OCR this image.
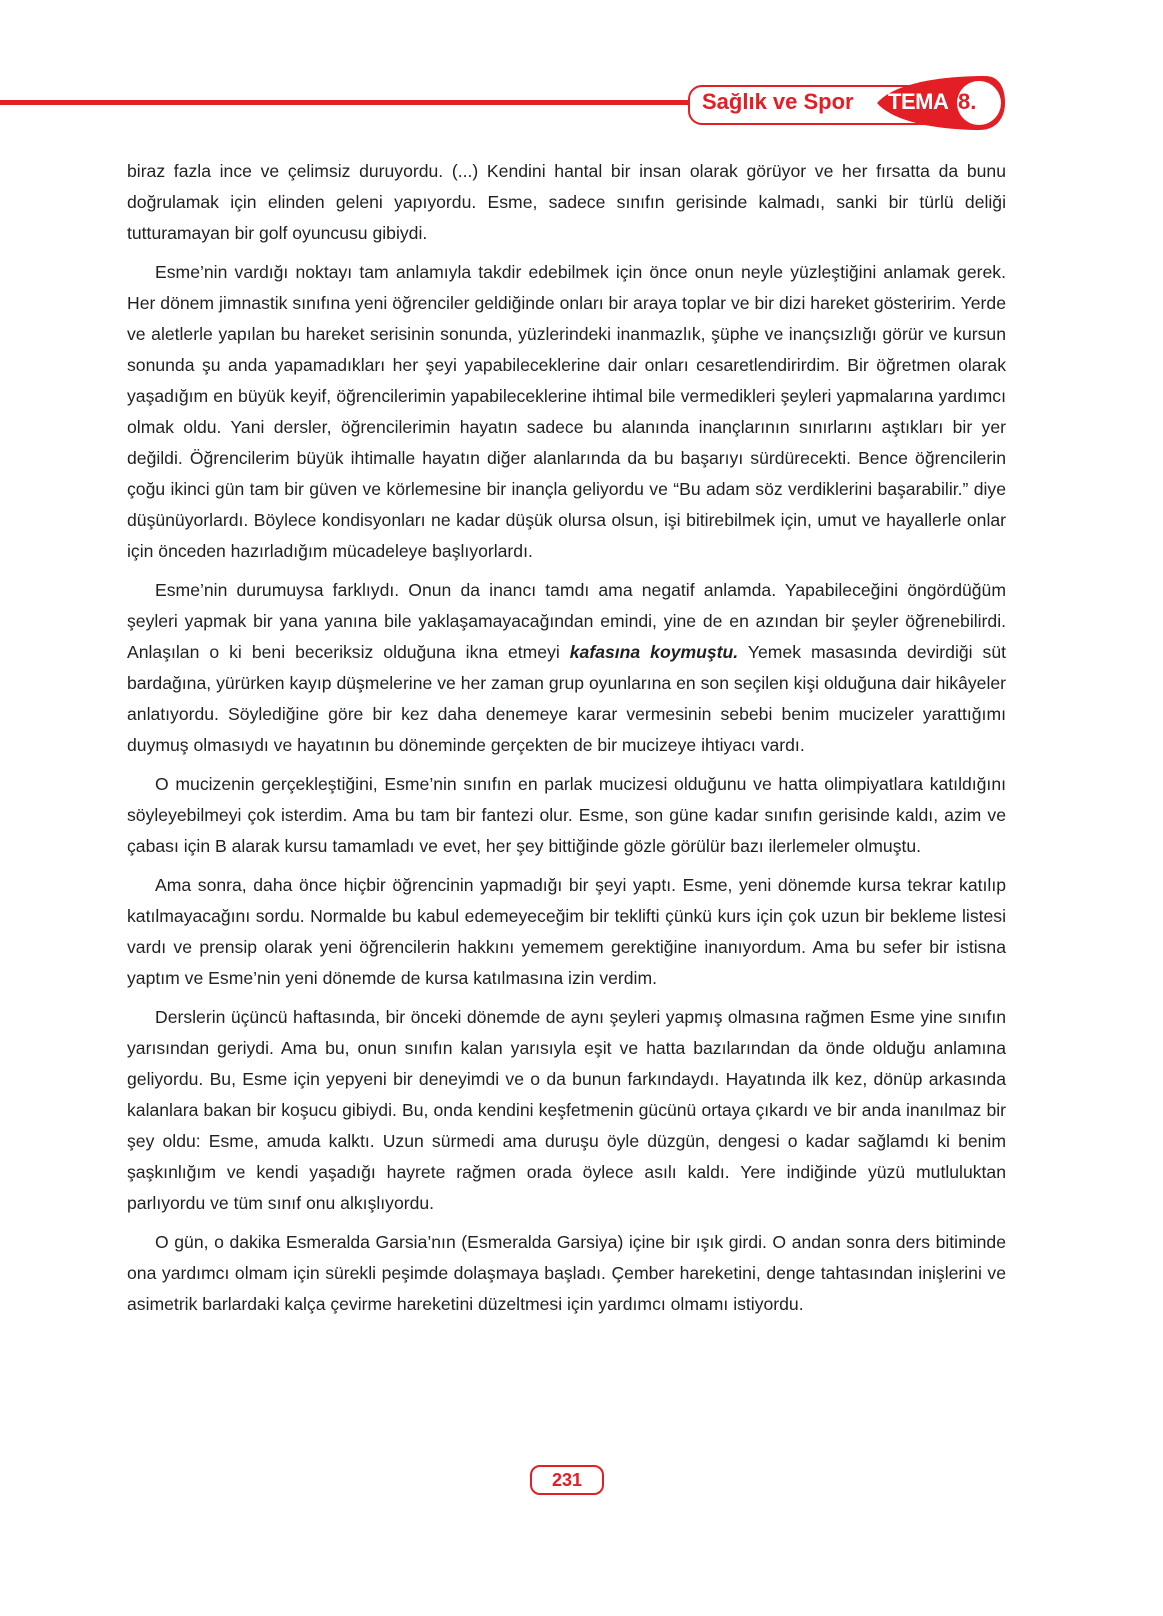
Sağlık ve Spor TEMA 8.

biraz fazla ince ve çelimsiz duruyordu. (...) Kendini hantal bir insan olarak görüyor ve her fırsatta da bunu doğrulamak için elinden geleni yapıyordu. Esme, sadece sınıfın gerisinde kalmadı, sanki bir türlü deliği tutturamayan bir golf oyuncusu gibiydi.

Esme’nin vardığı noktayı tam anlamıyla takdir edebilmek için önce onun neyle yüzleştiğini anlamak gerek. Her dönem jimnastik sınıfına yeni öğrenciler geldiğinde onları bir araya toplar ve bir dizi hareket gösteririm. Yerde ve aletlerle yapılan bu hareket serisinin sonunda, yüzlerindeki inanmazlık, şüphe ve inançsızlığı görür ve kursun sonunda şu anda yapamadıkları her şeyi yapabileceklerine dair onları cesaretlendirirdim. Bir öğretmen olarak yaşadığım en büyük keyif, öğrencilerimin yapabileceklerine ihtimal bile vermedikleri şeyleri yapmalarına yardımcı olmak oldu. Yani dersler, öğrencilerimin hayatın sadece bu alanında inançlarının sınırlarını aştıkları bir yer değildi. Öğrencilerim büyük ihtimalle hayatın diğer alanlarında da bu başarıyı sürdürecekti. Bence öğrencilerin çoğu ikinci gün tam bir güven ve körlemesine bir inançla geliyordu ve “Bu adam söz verdiklerini başarabilir.” diye düşünüyorlardı. Böylece kondisyonları ne kadar düşük olursa olsun, işi bitirebilmek için, umut ve hayallerle onlar için önceden hazırladığım mücadeleye başlıyorlardı.

Esme’nin durumuysa farklıydı. Onun da inancı tamdı ama negatif anlamda. Yapabileceğini öngördüğüm şeyleri yapmak bir yana yanına bile yaklaşamayacağından emindi, yine de en azından bir şeyler öğrenebilirdi. Anlaşılan o ki beni beceriksiz olduğuna ikna etmeyi kafasına koymuştu. Yemek masasında devirdiği süt bardağına, yürürken kayıp düşmelerine ve her zaman grup oyunlarına en son seçilen kişi olduğuna dair hikâyeler anlatıyordu. Söylediğine göre bir kez daha denemeye karar vermesinin sebebi benim mucizeler yarattığımı duymuş olmasıydı ve hayatının bu döneminde gerçekten de bir mucizeye ihtiyacı vardı.

O mucizenin gerçekleştiğini, Esme’nin sınıfın en parlak mucizesi olduğunu ve hatta olimpiyatlara katıldığını söyleyebilmeyi çok isterdim. Ama bu tam bir fantezi olur. Esme, son güne kadar sınıfın gerisinde kaldı, azim ve çabası için B alarak kursu tamamladı ve evet, her şey bittiğinde gözle görülür bazı ilerlemeler olmuştu.

Ama sonra, daha önce hiçbir öğrencinin yapmadığı bir şeyi yaptı. Esme, yeni dönemde kursa tekrar katılıp katılmayacağını sordu. Normalde bu kabul edemeyeceğim bir teklifti çünkü kurs için çok uzun bir bekleme listesi vardı ve prensip olarak yeni öğrencilerin hakkını yememem gerektiğine inanıyordum. Ama bu sefer bir istisna yaptım ve Esme’nin yeni dönemde de kursa katılmasına izin verdim.

Derslerin üçüncü haftasında, bir önceki dönemde de aynı şeyleri yapmış olmasına rağmen Esme yine sınıfın yarısından geriydi. Ama bu, onun sınıfın kalan yarısıyla eşit ve hatta bazılarından da önde olduğu anlamına geliyordu. Bu, Esme için yepyeni bir deneyimdi ve o da bunun farkındaydı. Hayatında ilk kez, dönüp arkasında kalanlara bakan bir koşucu gibiydi. Bu, onda kendini keşfetmenin gücünü ortaya çıkardı ve bir anda inanılmaz bir şey oldu: Esme, amuda kalktı. Uzun sürmedi ama duruşu öyle düzgün, dengesi o kadar sağlamdı ki benim şaşkınlığım ve kendi yaşadığı hayrete rağmen orada öylece asılı kaldı. Yere indiğinde yüzü mutluluktan parlıyordu ve tüm sınıf onu alkışlıyordu.

O gün, o dakika Esmeralda Garsia’nın (Esmeralda Garsiya) içine bir ışık girdi. O andan sonra ders bitiminde ona yardımcı olmam için sürekli peşimde dolaşmaya başladı. Çember hareketini, denge tahtasından inişlerini ve asimetrik barlardaki kalça çevirme hareketini düzeltmesi için yardımcı olmamı istiyordu.

231
